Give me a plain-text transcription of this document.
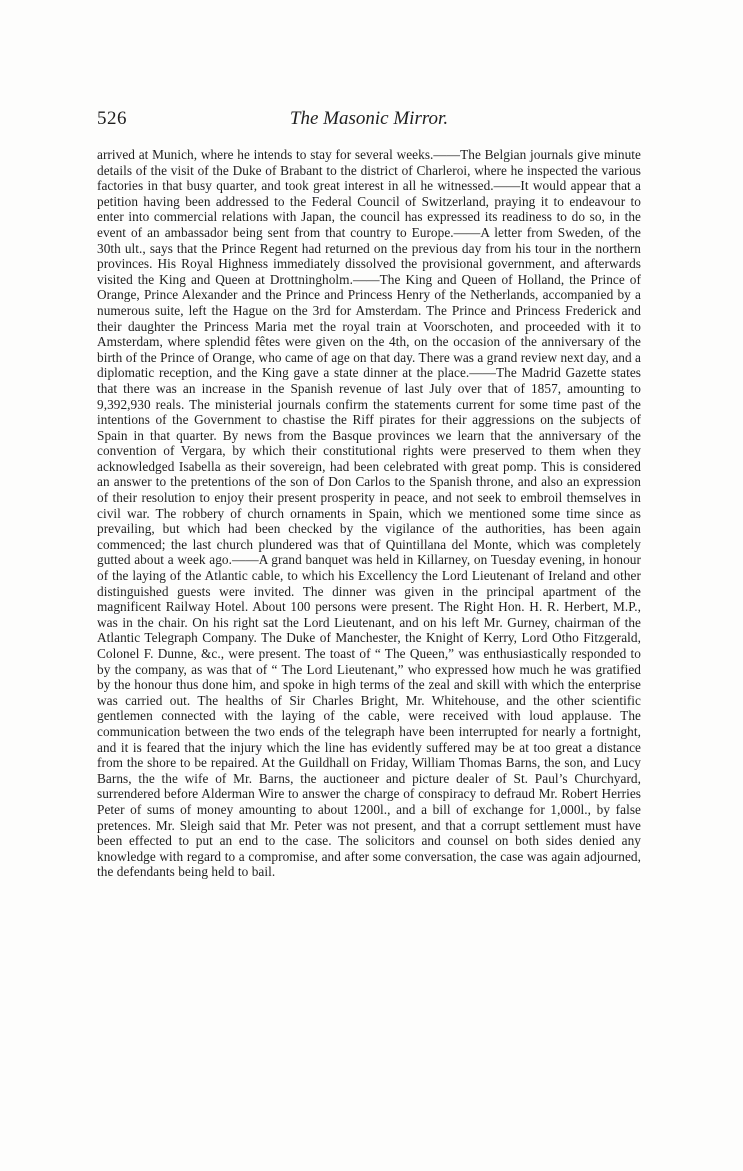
526	The Masonic Mirror.

arrived at Munich, where he intends to stay for several weeks.——The Belgian journals give minute details of the visit of the Duke of Brabant to the district of Charleroi, where he inspected the various factories in that busy quarter, and took great interest in all he witnessed.——It would appear that a petition having been addressed to the Federal Council of Switzerland, praying it to endeavour to enter into commercial relations with Japan, the council has expressed its readiness to do so, in the event of an ambassador being sent from that country to Europe.——A letter from Sweden, of the 30th ult., says that the Prince Regent had returned on the previous day from his tour in the northern provinces. His Royal Highness immediately dissolved the provisional government, and afterwards visited the King and Queen at Drottningholm.——The King and Queen of Holland, the Prince of Orange, Prince Alexander and the Prince and Princess Henry of the Netherlands, accompanied by a numerous suite, left the Hague on the 3rd for Amsterdam. The Prince and Princess Frederick and their daughter the Princess Maria met the royal train at Voorschoten, and proceeded with it to Amsterdam, where splendid fêtes were given on the 4th, on the occasion of the anniversary of the birth of the Prince of Orange, who came of age on that day. There was a grand review next day, and a diplomatic reception, and the King gave a state dinner at the place.——The Madrid Gazette states that there was an increase in the Spanish revenue of last July over that of 1857, amounting to 9,392,930 reals. The ministerial journals confirm the statements current for some time past of the intentions of the Government to chastise the Riff pirates for their aggressions on the subjects of Spain in that quarter. By news from the Basque provinces we learn that the anniversary of the convention of Vergara, by which their constitutional rights were preserved to them when they acknowledged Isabella as their sovereign, had been celebrated with great pomp. This is considered an answer to the pretentions of the son of Don Carlos to the Spanish throne, and also an expression of their resolution to enjoy their present prosperity in peace, and not seek to embroil themselves in civil war. The robbery of church ornaments in Spain, which we mentioned some time since as prevailing, but which had been checked by the vigilance of the authorities, has been again commenced; the last church plundered was that of Quintillana del Monte, which was completely gutted about a week ago.——A grand banquet was held in Killarney, on Tuesday evening, in honour of the laying of the Atlantic cable, to which his Excellency the Lord Lieutenant of Ireland and other distinguished guests were invited. The dinner was given in the principal apartment of the magnificent Railway Hotel. About 100 persons were present. The Right Hon. H. R. Herbert, M.P., was in the chair. On his right sat the Lord Lieutenant, and on his left Mr. Gurney, chairman of the Atlantic Telegraph Company. The Duke of Manchester, the Knight of Kerry, Lord Otho Fitzgerald, Colonel F. Dunne, &c., were present. The toast of “ The Queen,” was enthusiastically responded to by the company, as was that of “ The Lord Lieutenant,” who expressed how much he was gratified by the honour thus done him, and spoke in high terms of the zeal and skill with which the enterprise was carried out. The healths of Sir Charles Bright, Mr. Whitehouse, and the other scientific gentlemen connected with the laying of the cable, were received with loud applause. The communication between the two ends of the telegraph have been interrupted for nearly a fortnight, and it is feared that the injury which the line has evidently suffered may be at too great a distance from the shore to be repaired. At the Guildhall on Friday, William Thomas Barns, the son, and Lucy Barns, the the wife of Mr. Barns, the auctioneer and picture dealer of St. Paul’s Churchyard, surrendered before Alderman Wire to answer the charge of conspiracy to defraud Mr. Robert Herries Peter of sums of money amounting to about 1200l., and a bill of exchange for 1,000l., by false pretences. Mr. Sleigh said that Mr. Peter was not present, and that a corrupt settlement must have been effected to put an end to the case. The solicitors and counsel on both sides denied any knowledge with regard to a compromise, and after some conversation, the case was again adjourned, the defendants being held to bail.
